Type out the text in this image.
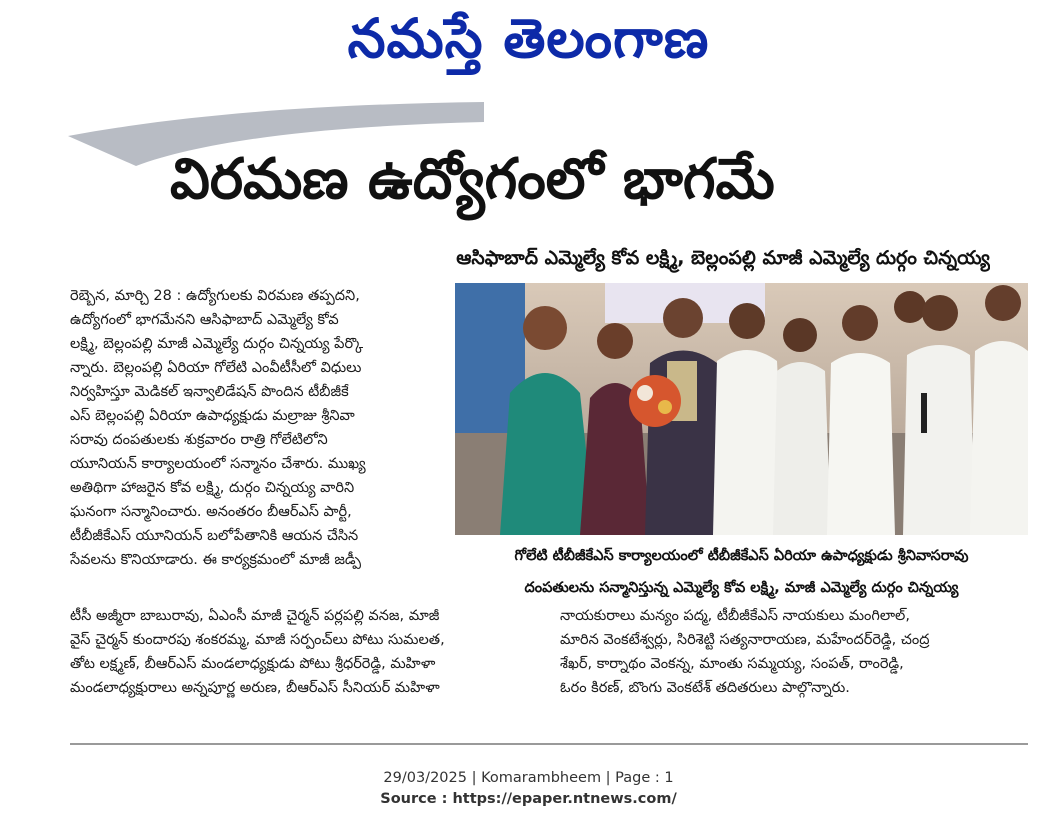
నమస్తే తెలంగాణ
విరమణ ఉద్యోగంలో భాగమే
ఆసిఫాబాద్ ఎమ్మెల్యే కోవ లక్ష్మి, బెల్లంపల్లి మాజీ ఎమ్మెల్యే దుర్గం చిన్నయ్య

రెబ్బెన, మార్చి 28 : ఉద్యోగులకు విరమణ తప్పదని,

ఉద్యోగంలో భాగమేనని ఆసిఫాబాద్ ఎమ్మెల్యే కోవ

లక్ష్మి, బెల్లంపల్లి మాజీ ఎమ్మెల్యే దుర్గం చిన్నయ్య పేర్కొ

న్నారు. బెల్లంపల్లి ఏరియా గోలేటి ఎంవీటీసీలో విధులు

నిర్వహిస్తూ మెడికల్ ఇన్వాలిడేషన్ పొందిన టీబీజీకే

ఎస్ బెల్లంపల్లి ఏరియా ఉపాధ్యక్షుడు మల్రాజు శ్రీనివా

సరావు దంపతులకు శుక్రవారం రాత్రి గోలేటిలోని

యూనియన్ కార్యాలయంలో సన్మానం చేశారు. ముఖ్య

అతిథిగా హాజరైన కోవ లక్ష్మి, దుర్గం చిన్నయ్య వారిని

ఘనంగా సన్మానించారు. అనంతరం బీఆర్ఎస్ పార్టీ,

టీబీజీకేఎస్ యూనియన్ బలోపేతానికి ఆయన చేసిన

సేవలను కొనియాడారు. ఈ కార్యక్రమంలో మాజీ జడ్పీ	గోలేటి టీబీజీకేఎస్ కార్యాలయంలో టీబీజీకేఎస్ ఏరియా ఉపాధ్యక్షుడు శ్రీనివాసరావు
దంపతులను సన్మానిస్తున్న ఎమ్మెల్యే కోవ లక్ష్మి, మాజీ ఎమ్మెల్యే దుర్గం చిన్నయ్య

టీసీ అజ్మీరా బాబురావు, ఏఎంసీ మాజీ చైర్మన్ పర్లపల్లి వనజ, మాజీ

వైస్ చైర్మన్ కుందారపు శంకరమ్మ, మాజీ సర్పంచ్‌లు పోటు సుమలత,

తోట లక్ష్మణ్, బీఆర్ఎస్ మండలాధ్యక్షుడు పోటు శ్రీధర్‌రెడ్డి, మహిళా

మండలాధ్యక్షురాలు అన్నపూర్ణ అరుణ, బీఆర్ఎస్ సీనియర్ మహిళా

నాయకురాలు మన్యం పద్మ, టీబీజీకేఎస్ నాయకులు మంగిలాల్,

మారిన వెంకటేశ్వర్లు, సిరిశెట్టి సత్యనారాయణ, మహేందర్‌రెడ్డి, చంద్ర

శేఖర్, కార్నాథం వెంకన్న, మాంతు సమ్మయ్య, సంపత్, రాంరెడ్డి,

ఓరం కిరణ్, బొంగు వెంకటేశ్ తదితరులు పాల్గొన్నారు.

29/03/2025 | Komarambheem | Page : 1
Source : https://epaper.ntnews.com/
